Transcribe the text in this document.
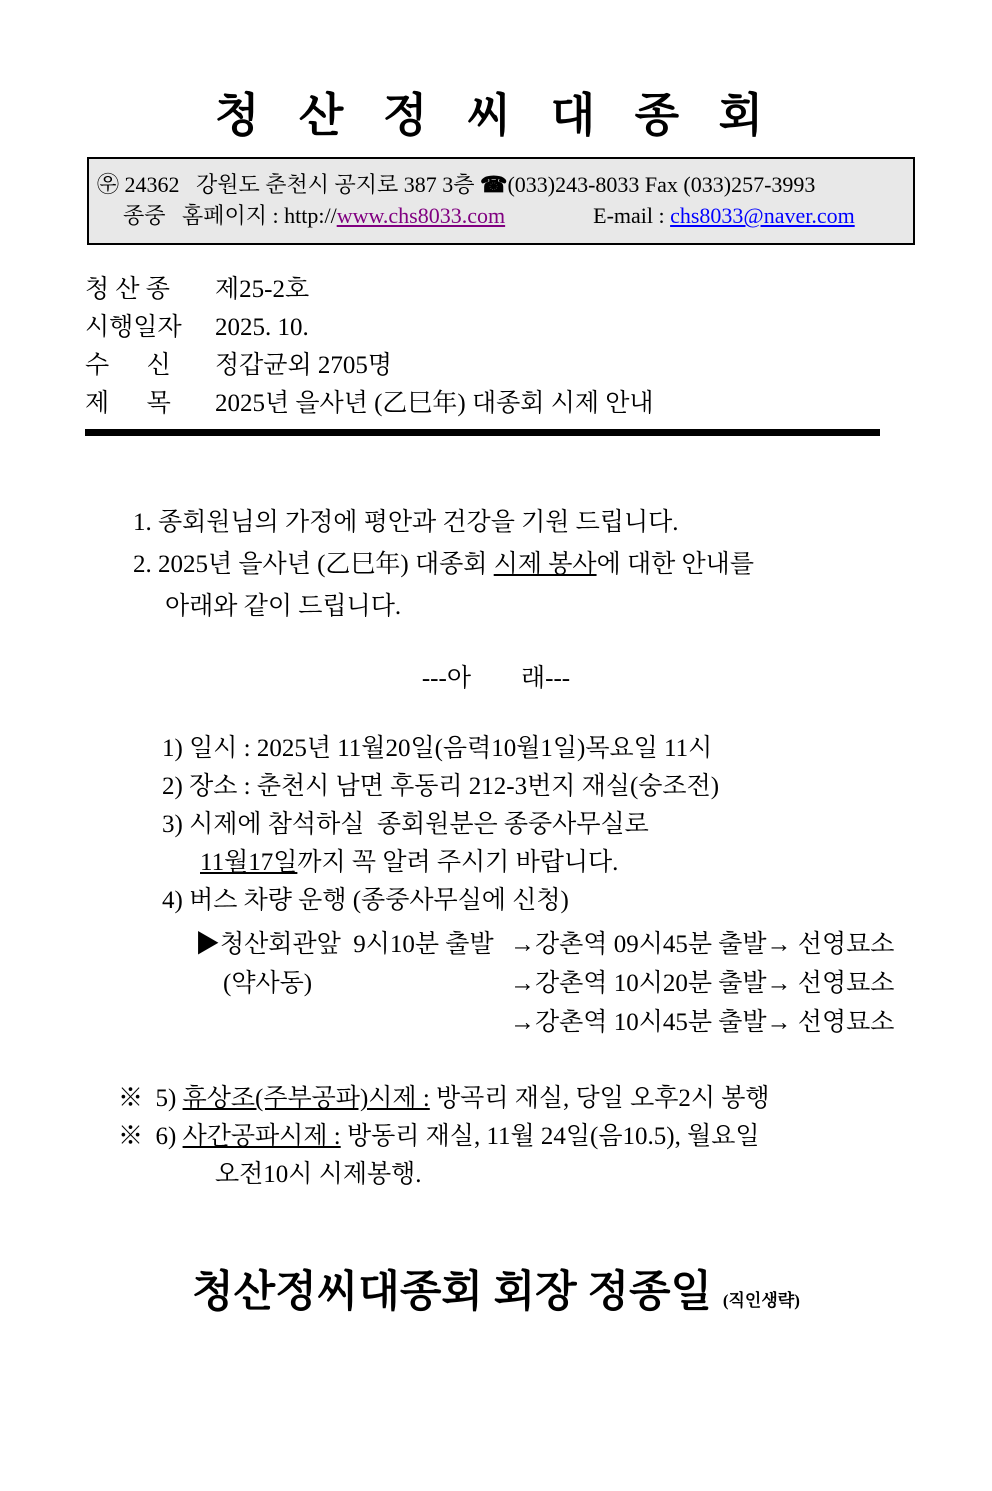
청 산 정 씨 대 종 회
㉾ 24362   강원도 춘천시 공지로 387 3층 ☎(033)243-8033 Fax (033)257-3993
종중   홈페이지 : http://www.chs8033.com	E-mail : chs8033@naver.com
청 산 종 제25-2호
시행일자 2025. 10.
수      신 정갑균외 2705명
제      목 2025년 을사년 (乙巳年) 대종회 시제 안내
1. 종회원님의 가정에 평안과 건강을 기원 드립니다.
2. 2025년 을사년 (乙巳年) 대종회 시제 봉사에 대한 안내를
아래와 같이 드립니다.
---아        래---
1) 일시 : 2025년 11월20일(음력10월1일)목요일 11시
2) 장소 : 춘천시 남면 후동리 212-3번지 재실(숭조전)
3) 시제에 참석하실  종회원분은 종중사무실로
11월17일까지 꼭 알려 주시기 바랍니다.
4) 버스 차량 운행 (종중사무실에 신청)
▶청산회관앞  9시10분 출발 →강촌역 09시45분 출발→ 선영묘소
(약사동)	→강촌역 10시20분 출발→ 선영묘소
→강촌역 10시45분 출발→ 선영묘소
※  5) 휴상조(주부공파)시제 : 방곡리 재실, 당일 오후2시 봉행
※  6) 사간공파시제 : 방동리 재실, 11월 24일(음10.5), 월요일
오전10시 시제봉행.
청산정씨대종회 회장 정종일 (직인생략)
